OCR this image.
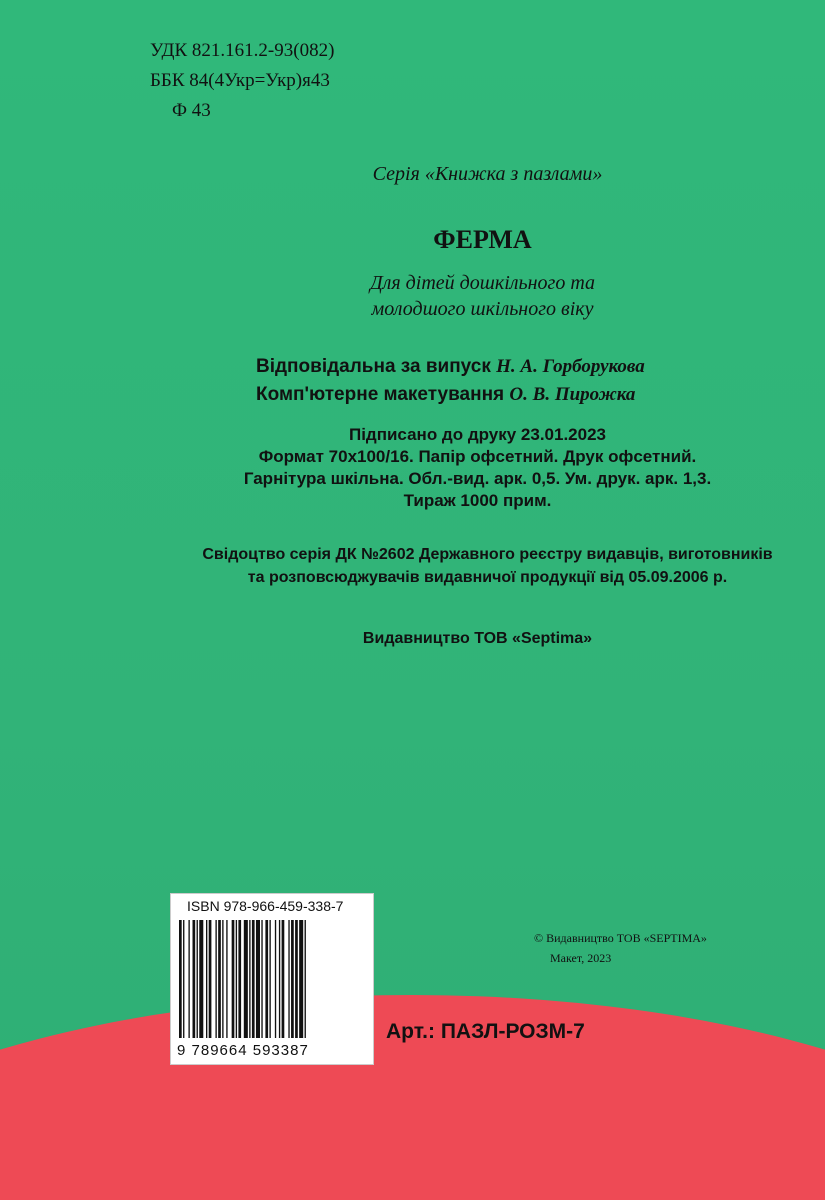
УДК 821.161.2-93(082)
ББК 84(4Укр=Укр)я43
Ф 43
Серія «Книжка з пазлами»
ФЕРМА
Для дітей дошкільного та
молодшого шкільного віку
Відповідальна за випуск Н. А. Горборукова
Комп'ютерне макетування О. В. Пирожка
Підписано до друку 23.01.2023
Формат 70x100/16. Папір офсетний. Друк офсетний.
Гарнітура шкільна. Обл.-вид. арк. 0,5. Ум. друк. арк. 1,3.
Тираж 1000 прим.
Свідоцтво серія ДК №2602 Державного реєстру видавців, виготовників
та розповсюджувачів видавничої продукції від 05.09.2006 р.
Видавництво ТОВ «Septima»
ISBN 978-966-459-338-7
9 789664 593387
Арт.: ПАЗЛ-РОЗМ-7
© Видавництво ТОВ «SEPTIMA»
Макет, 2023
